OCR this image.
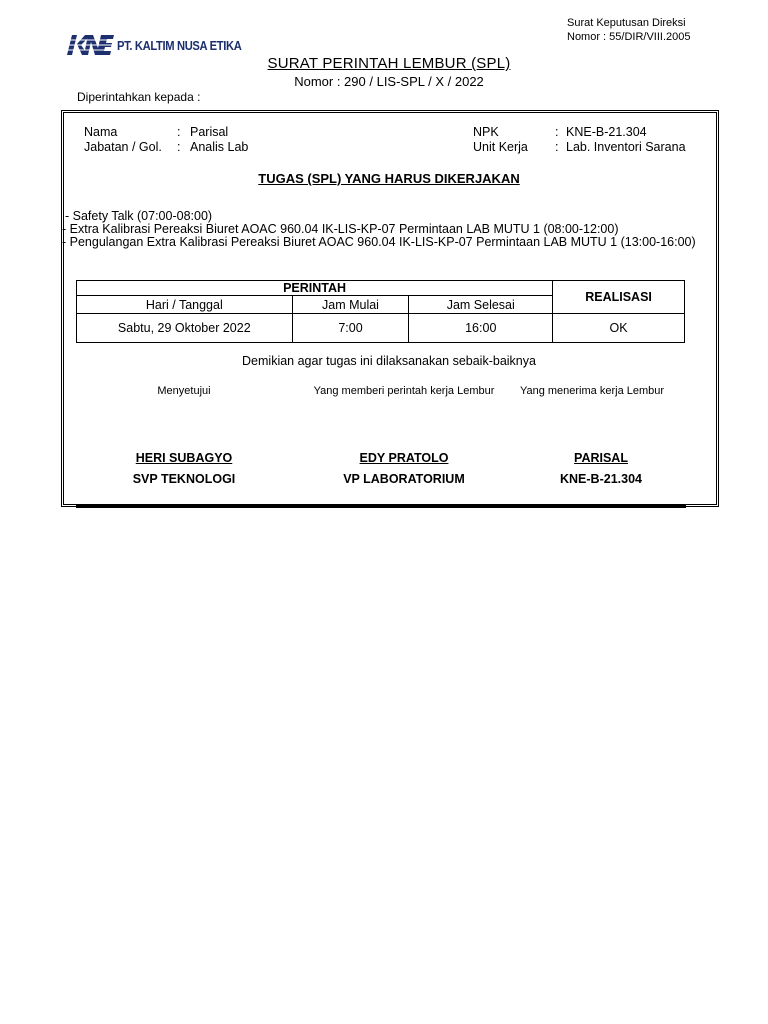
Surat Keputusan Direksi
Nomor : 55/DIR/VIII.2005
PT. KALTIM NUSA ETIKA
SURAT PERINTAH LEMBUR (SPL)
Nomor : 290 / LIS-SPL / X / 2022
Diperintahkan kepada :
Nama	: Parisal
Jabatan / Gol. : Analis Lab
NPK	: KNE-B-21.304
Unit Kerja : Lab. Inventori Sarana
TUGAS (SPL) YANG HARUS DIKERJAKAN
- Safety Talk (07:00-08:00)
- Extra Kalibrasi Pereaksi Biuret AOAC 960.04 IK-LIS-KP-07 Permintaan LAB MUTU 1 (08:00-12:00)
- Pengulangan Extra Kalibrasi Pereaksi Biuret AOAC 960.04 IK-LIS-KP-07 Permintaan LAB MUTU 1 (13:00-16:00)
PERINTAH			REALISASI
Hari / Tanggal	Jam Mulai	Jam Selesai	
Sabtu, 29 Oktober 2022	7:00	16:00	OK
Demikian agar tugas ini dilaksanakan sebaik-baiknya
Menyetujui	Yang memberi perintah kerja Lembur	Yang menerima kerja Lembur
HERI SUBAGYO	EDY PRATOLO	PARISAL
SVP TEKNOLOGI	VP LABORATORIUM	KNE-B-21.304
